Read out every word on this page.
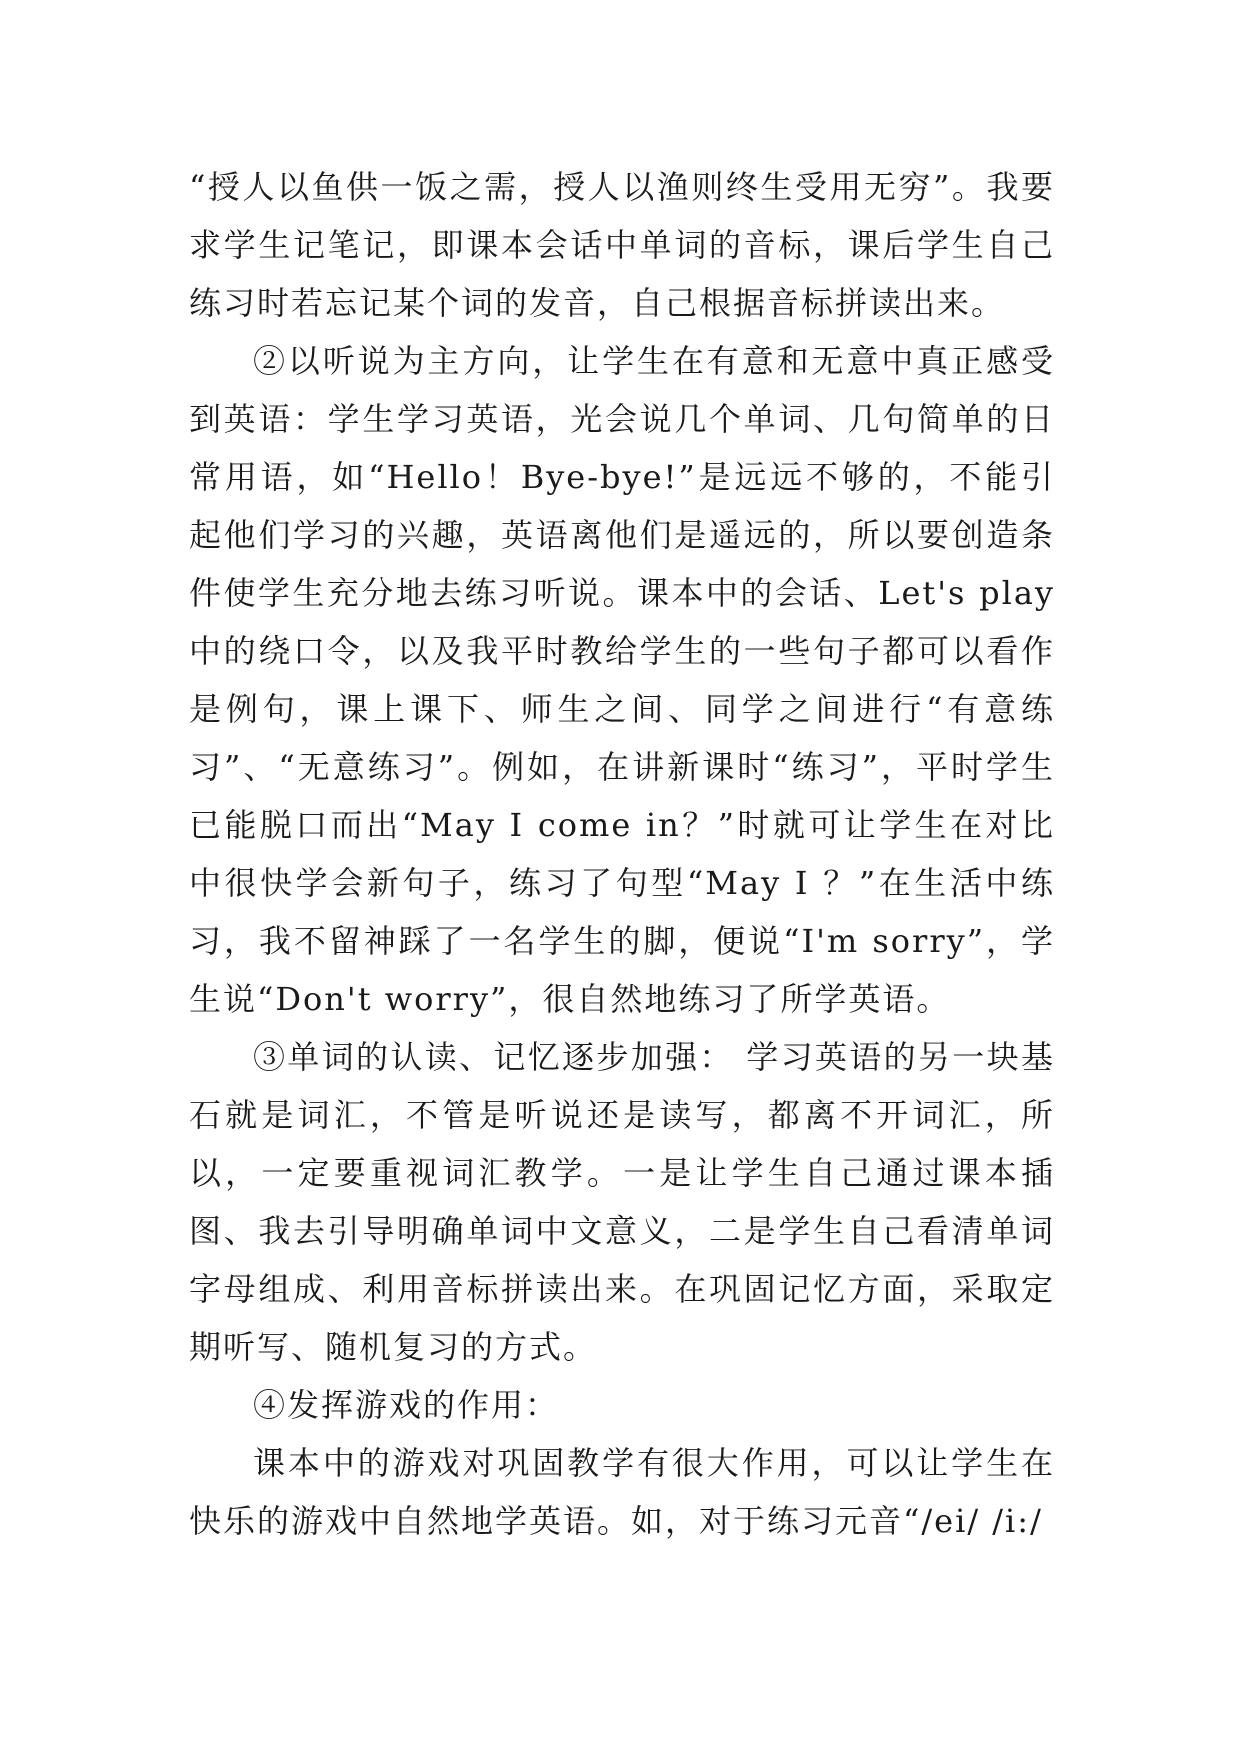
“授人以鱼供一饭之需，授人以渔则终生受用无穷”。我要求学生记笔记，即课本会话中单词的音标，课后学生自己练习时若忘记某个词的发音，自己根据音标拼读出来。

②以听说为主方向，让学生在有意和无意中真正感受到英语：学生学习英语，光会说几个单词、几句简单的日常用语，如“Hello！Bye-bye!”是远远不够的，不能引起他们学习的兴趣，英语离他们是遥远的，所以要创造条件使学生充分地去练习听说。课本中的会话、Let's play 中的绕口令，以及我平时教给学生的一些句子都可以看作是例句，课上课下、师生之间、同学之间进行“有意练习”、“无意练习”。例如，在讲新课时“练习”，平时学生已能脱口而出“May I come in？”时就可让学生在对比中很快学会新句子，练习了句型“May I ？”在生活中练习，我不留神踩了一名学生的脚，便说“I'm sorry”，学生说“Don't worry”，很自然地练习了所学英语。

③单词的认读、记忆逐步加强： 学习英语的另一块基石就是词汇，不管是听说还是读写，都离不开词汇，所以，一定要重视词汇教学。一是让学生自己通过课本插图、我去引导明确单词中文意义，二是学生自己看清单词字母组成、利用音标拼读出来。在巩固记忆方面，采取定期听写、随机复习的方式。

④发挥游戏的作用：

课本中的游戏对巩固教学有很大作用，可以让学生在快乐的游戏中自然地学英语。如，对于练习元音“/ei/ /i:/
